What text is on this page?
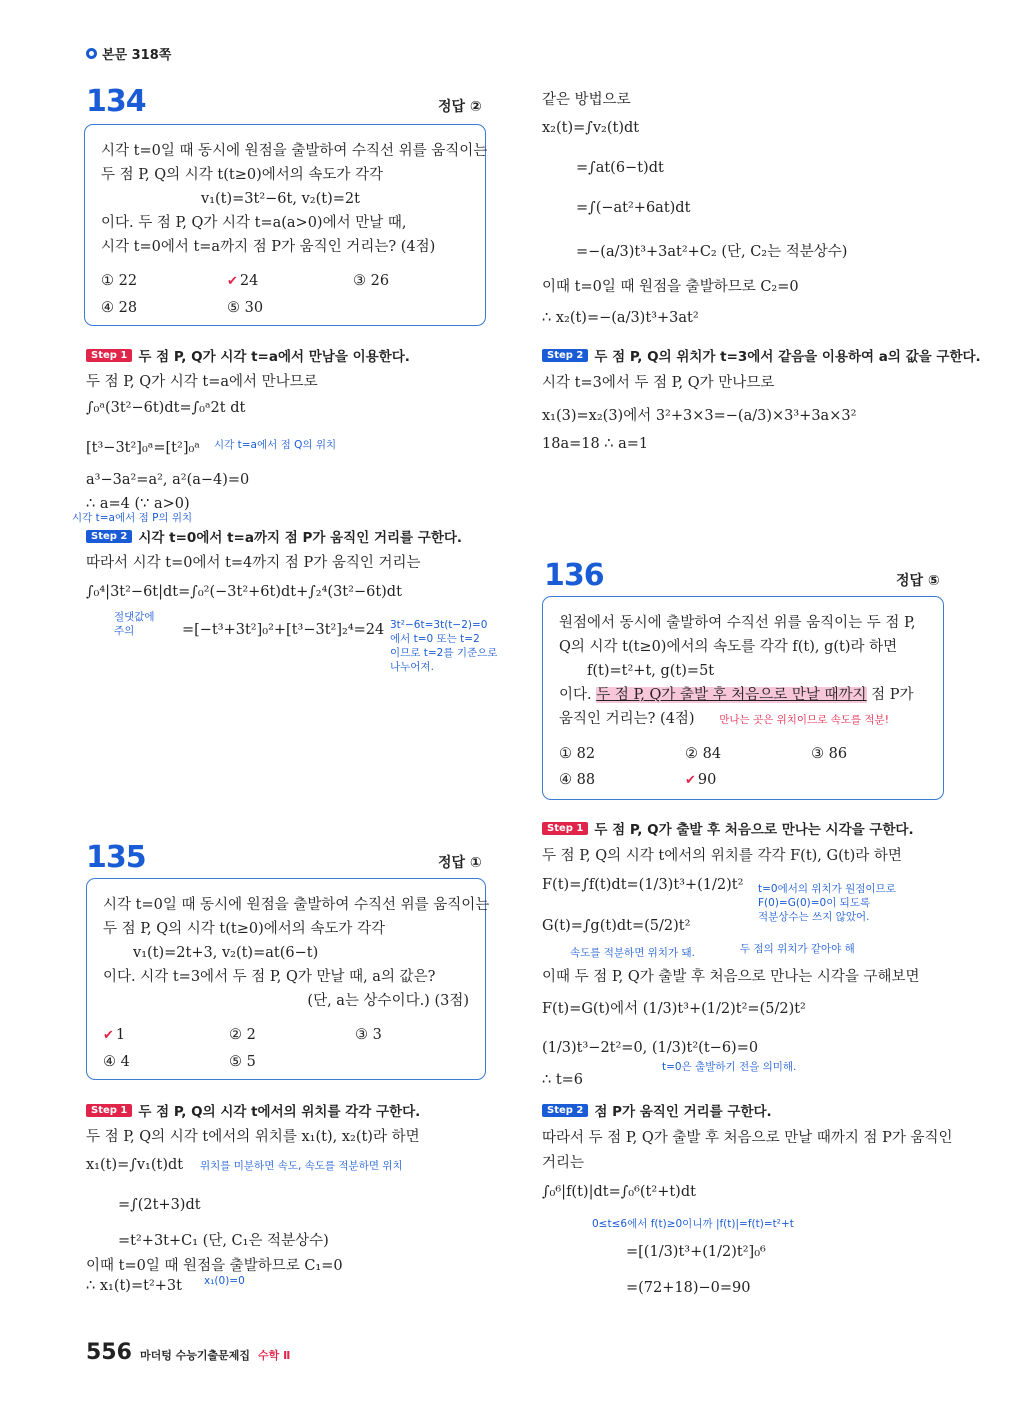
본문 318쪽
134	정답 ②
시각 t=0일 때 동시에 원점을 출발하여 수직선 위를 움직이는
두 점 P, Q의 시각 t(t≥0)에서의 속도가 각각
v₁(t)=3t²−6t, v₂(t)=2t
이다. 두 점 P, Q가 시각 t=a(a>0)에서 만날 때,
시각 t=0에서 t=a까지 점 P가 움직인 거리는? (4점)
① 22	✔ 24	③ 26
④ 28	⑤ 30
Step 1 두 점 P, Q가 시각 t=a에서 만남을 이용한다.
두 점 P, Q가 시각 t=a에서 만나므로
∫₀ᵃ(3t²−6t)dt=∫₀ᵃ2t dt
[t³−3t²]₀ᵃ=[t²]₀ᵃ 시각 t=a에서 점 Q의 위치
a³−3a²=a², a²(a−4)=0
∴ a=4 (∵ a>0)
시각 t=a에서 점 P의 위치
Step 2 시각 t=0에서 t=a까지 점 P가 움직인 거리를 구한다.
따라서 시각 t=0에서 t=4까지 점 P가 움직인 거리는
∫₀⁴|3t²−6t|dt=∫₀²(−3t²+6t)dt+∫₂⁴(3t²−6t)dt
=[−t³+3t²]₀²+[t³−3t²]₂⁴=24
절댓값에
주의	3t²−6t=3t(t−2)=0
에서 t=0 또는 t=2
이므로 t=2를 기준으로
나누어져.
135	정답 ①
시각 t=0일 때 동시에 원점을 출발하여 수직선 위를 움직이는
두 점 P, Q의 시각 t(t≥0)에서의 속도가 각각
v₁(t)=2t+3, v₂(t)=at(6−t)
이다. 시각 t=3에서 두 점 P, Q가 만날 때, a의 값은?
(단, a는 상수이다.) (3점)
✔ 1	② 2	③ 3
④ 4	⑤ 5
Step 1 두 점 P, Q의 시각 t에서의 위치를 각각 구한다.
두 점 P, Q의 시각 t에서의 위치를 x₁(t), x₂(t)라 하면
x₁(t)=∫v₁(t)dt 위치를 미분하면 속도, 속도를 적분하면 위치
=∫(2t+3)dt
=t²+3t+C₁ (단, C₁은 적분상수)
이때 t=0일 때 원점을 출발하므로 C₁=0
∴ x₁(t)=t²+3t x₁(0)=0
같은 방법으로
x₂(t)=∫v₂(t)dt
=∫at(6−t)dt
=∫(−at²+6at)dt
=−(a/3)t³+3at²+C₂ (단, C₂는 적분상수)
이때 t=0일 때 원점을 출발하므로 C₂=0
∴ x₂(t)=−(a/3)t³+3at²
Step 2 두 점 P, Q의 위치가 t=3에서 같음을 이용하여 a의 값을 구한다.
시각 t=3에서 두 점 P, Q가 만나므로
x₁(3)=x₂(3)에서 3²+3×3=−(a/3)×3³+3a×3²
18a=18 ∴ a=1
136	정답 ⑤
원점에서 동시에 출발하여 수직선 위를 움직이는 두 점 P,
Q의 시각 t(t≥0)에서의 속도를 각각 f(t), g(t)라 하면
f(t)=t²+t, g(t)=5t
이다. 두 점 P, Q가 출발 후 처음으로 만날 때까지 점 P가
움직인 거리는? (4점) 만나는 곳은 위치이므로 속도를 적분!
① 82	② 84	③ 86
④ 88	✔ 90
Step 1 두 점 P, Q가 출발 후 처음으로 만나는 시각을 구한다.
두 점 P, Q의 시각 t에서의 위치를 각각 F(t), G(t)라 하면
F(t)=∫f(t)dt=(1/3)t³+(1/2)t²
G(t)=∫g(t)dt=(5/2)t²
t=0에서의 위치가 원점이므로
F(0)=G(0)=0이 되도록
적분상수는 쓰지 않았어.
속도를 적분하면 위치가 돼.	두 점의 위치가 같아야 해
이때 두 점 P, Q가 출발 후 처음으로 만나는 시각을 구해보면
F(t)=G(t)에서 (1/3)t³+(1/2)t²=(5/2)t²
(1/3)t³−2t²=0, (1/3)t²(t−6)=0
t=0은 출발하기 전을 의미해.
∴ t=6
Step 2 점 P가 움직인 거리를 구한다.
따라서 두 점 P, Q가 출발 후 처음으로 만날 때까지 점 P가 움직인
거리는
∫₀⁶|f(t)|dt=∫₀⁶(t²+t)dt
0≤t≤6에서 f(t)≥0이니까 |f(t)|=f(t)=t²+t
=[(1/3)t³+(1/2)t²]₀⁶
=(72+18)−0=90
556 마더텅 수능기출문제집 수학 Ⅱ
